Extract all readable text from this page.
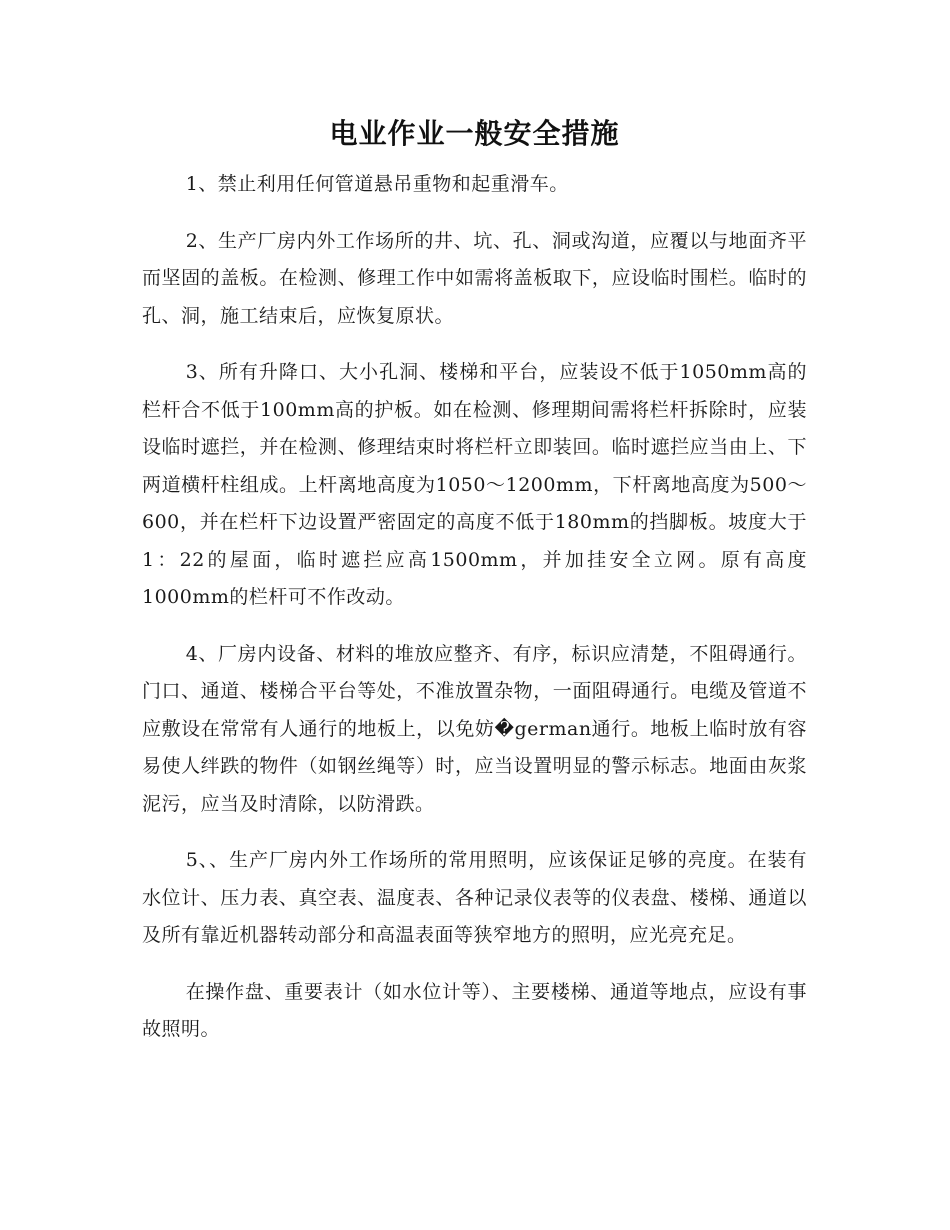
电业作业一般安全措施

1、禁止利用任何管道悬吊重物和起重滑车。

2、生产厂房内外工作场所的井、坑、孔、洞或沟道，应覆以与地面齐平而坚固的盖板。在检测、修理工作中如需将盖板取下，应设临时围栏。临时的孔、洞，施工结束后，应恢复原状。

3、所有升降口、大小孔洞、楼梯和平台，应装设不低于1050mm高的栏杆合不低于100mm高的护板。如在检测、修理期间需将栏杆拆除时，应装设临时遮拦，并在检测、修理结束时将栏杆立即装回。临时遮拦应当由上、下两道横杆柱组成。上杆离地高度为1050～1200mm，下杆离地高度为500～600，并在栏杆下边设置严密固定的高度不低于180mm的挡脚板。坡度大于1：22的屋面，临时遮拦应高1500mm，并加挂安全立网。原有高度1000mm的栏杆可不作改动。

4、厂房内设备、材料的堆放应整齐、有序，标识应清楚，不阻碍通行。门口、通道、楼梯合平台等处，不准放置杂物，一面阻碍通行。电缆及管道不应敷设在常常有人通行的地板上，以免妨�german通行。地板上临时放有容易使人绊跌的物件（如钢丝绳等）时，应当设置明显的警示标志。地面由灰浆泥污，应当及时清除，以防滑跌。

5、、生产厂房内外工作场所的常用照明，应该保证足够的亮度。在装有水位计、压力表、真空表、温度表、各种记录仪表等的仪表盘、楼梯、通道以及所有靠近机器转动部分和高温表面等狭窄地方的照明，应光亮充足。

在操作盘、重要表计（如水位计等）、主要楼梯、通道等地点，应设有事故照明。
